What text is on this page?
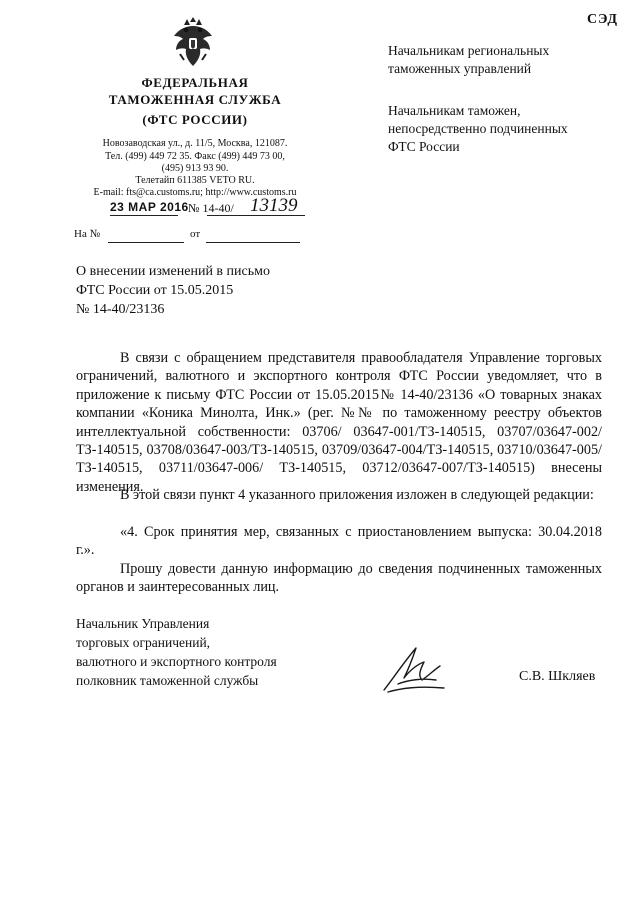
СЭД
ФЕДЕРАЛЬНАЯ
ТАМОЖЕННАЯ СЛУЖБА
(ФТС РОССИИ)
Новозаводская ул., д. 11/5, Москва, 121087.
Тел. (499) 449 72 35. Факс (499) 449 73 00,
(495) 913 93 90.
Телетайп 611385 VETO RU.
E-mail: fts@ca.customs.ru; http://www.customs.ru
23 MAP 2016 № 14-40/ 13139
На №	от
Начальникам региональных
таможенных управлений
Начальникам таможен,
непосредственно подчиненных
ФТС России
О внесении изменений в письмо
ФТС России от 15.05.2015
№ 14-40/23136
В связи с обращением представителя правообладателя Управление торговых ограничений, валютного и экспортного контроля ФТС России уведомляет, что в приложение к письму ФТС России от 15.05.2015№ 14-40/23136 «О товарных знаках компании «Коника Минолта, Инк.» (рег. №№ по таможенному реестру объектов интеллектуальной собственности: 03706/ 03647-001/ТЗ-140515, 03707/03647-002/ТЗ-140515, 03708/03647-003/ТЗ-140515, 03709/03647-004/ТЗ-140515, 03710/03647-005/ТЗ-140515, 03711/03647-006/ ТЗ-140515, 03712/03647-007/ТЗ-140515) внесены изменения.
В этой связи пункт 4 указанного приложения изложен в следующей редакции:
«4. Срок принятия мер, связанных с приостановлением выпуска: 30.04.2018 г.».
Прошу довести данную информацию до сведения подчиненных таможенных органов и заинтересованных лиц.
Начальник Управления
торговых ограничений,
валютного и экспортного контроля
полковник таможенной службы	С.В. Шкляев
